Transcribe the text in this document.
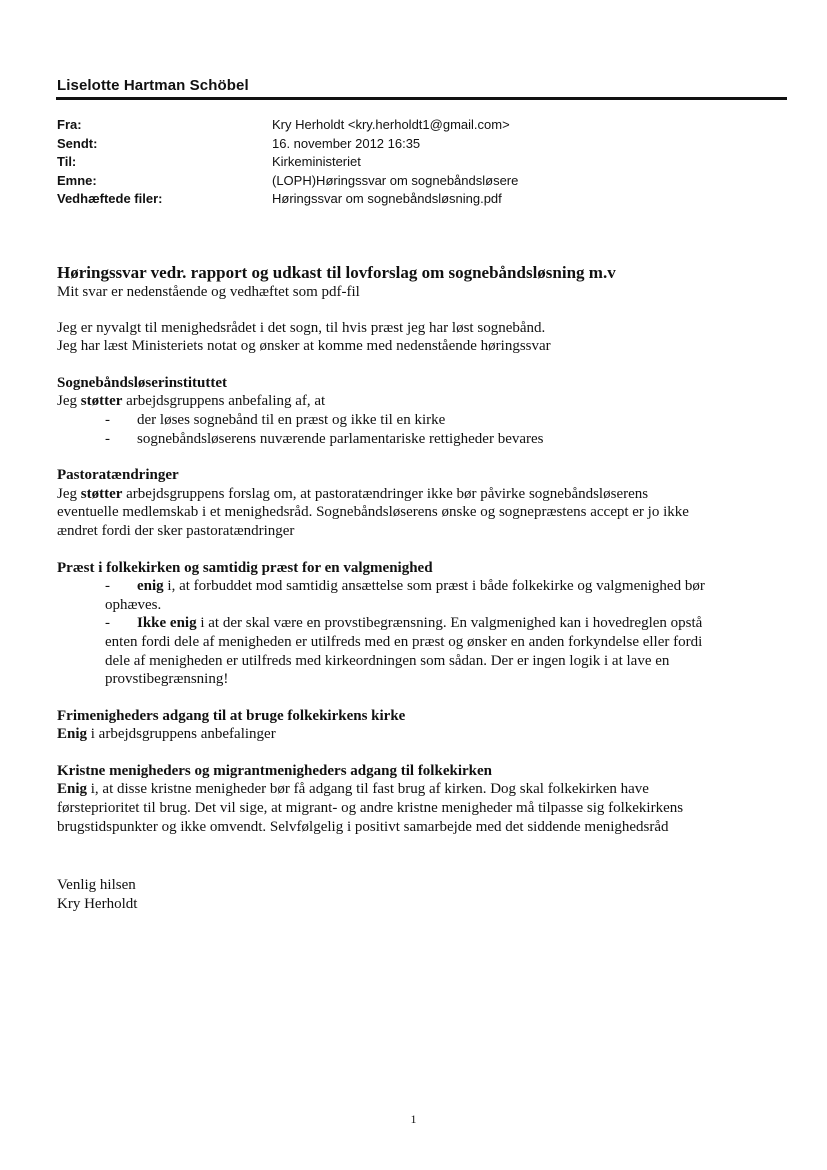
Liselotte Hartman Schöbel
Fra:	Kry Herholdt <kry.herholdt1@gmail.com>
Sendt:	16. november 2012 16:35
Til:	Kirkeministeriet
Emne:	(LOPH)Høringssvar om sognebåndsløsere
Vedhæftede filer:	Høringssvar om sognebåndsløsning.pdf
Høringssvar vedr. rapport og udkast til lovforslag om sognebåndsløsning m.v
Mit svar er nedenstående og vedhæftet som pdf-fil
Jeg er nyvalgt til menighedsrådet i det sogn, til hvis præst jeg har løst sognebånd.
Jeg har læst Ministeriets notat og ønsker at komme med nedenstående høringssvar
Sognebåndsløserinstituttet
Jeg støtter arbejdsgruppens anbefaling af, at
-	der løses sognebånd til en præst og ikke til en kirke
-	sognebåndsløserens nuværende parlamentariske rettigheder bevares
Pastoratændringer
Jeg støtter arbejdsgruppens forslag om, at pastoratændringer ikke bør påvirke sognebåndsløserens
eventuelle medlemskab i et menighedsråd. Sognebåndsløserens ønske og sognepræstens accept er jo ikke
ændret fordi der sker pastoratændringer
Præst i folkekirken og samtidig præst for en valgmenighed
-	enig i, at forbuddet mod samtidig ansættelse som præst i både folkekirke og valgmenighed bør
ophæves.
-	Ikke enig i at der skal være en provstibegrænsning. En valgmenighed kan i hovedreglen opstå
enten fordi dele af menigheden er utilfreds med en præst og ønsker en anden forkyndelse eller fordi
dele af menigheden er utilfreds med kirkeordningen som sådan. Der er ingen logik i at lave en
provstibegrænsning!
Frimenigheders adgang til at bruge folkekirkens kirke
Enig i arbejdsgruppens anbefalinger
Kristne menigheders og migrantmenigheders adgang til folkekirken
Enig i, at disse kristne menigheder bør få adgang til fast brug af kirken. Dog skal folkekirken have
førsteprioritet til brug. Det vil sige, at migrant- og andre kristne menigheder må tilpasse sig folkekirkens
brugstidspunkter og ikke omvendt. Selvfølgelig i positivt samarbejde med det siddende menighedsråd
Venlig hilsen
Kry Herholdt
1
